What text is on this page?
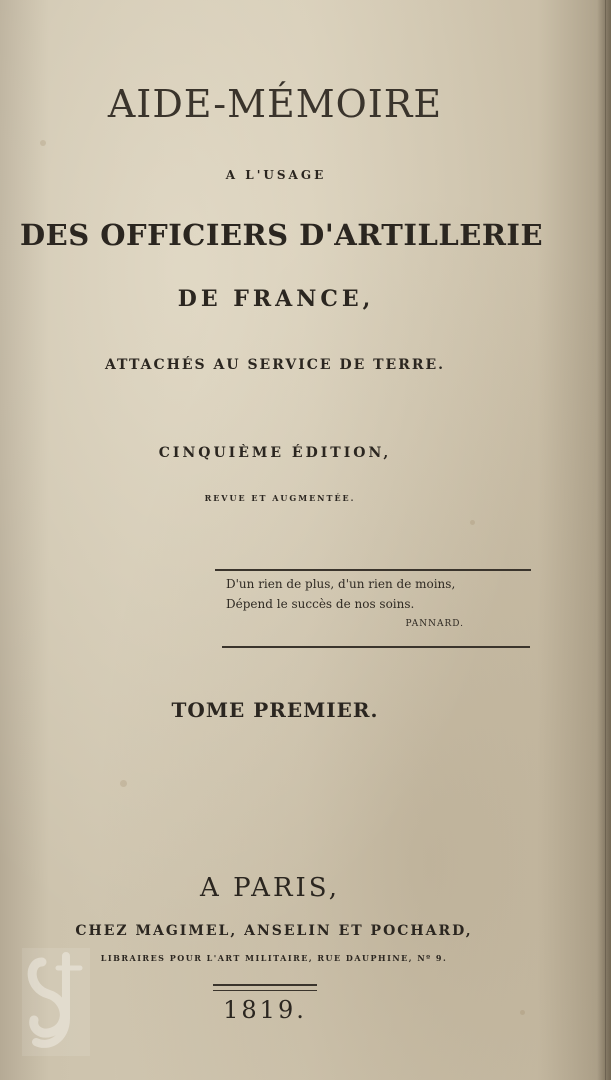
AIDE-MÉMOIRE
A L'USAGE
DES OFFICIERS D'ARTILLERIE
DE FRANCE,
ATTACHÉS AU SERVICE DE TERRE.
CINQUIÈME ÉDITION,
REVUE ET AUGMENTÉE.
D'un rien de plus, d'un rien de moins,
Dépend le succès de nos soins.
PANNARD.
TOME PREMIER.
A PARIS,
CHEZ MAGIMEL, ANSELIN ET POCHARD,
LIBRAIRES POUR L'ART MILITAIRE, RUE DAUPHINE, Nº 9.
1819.
